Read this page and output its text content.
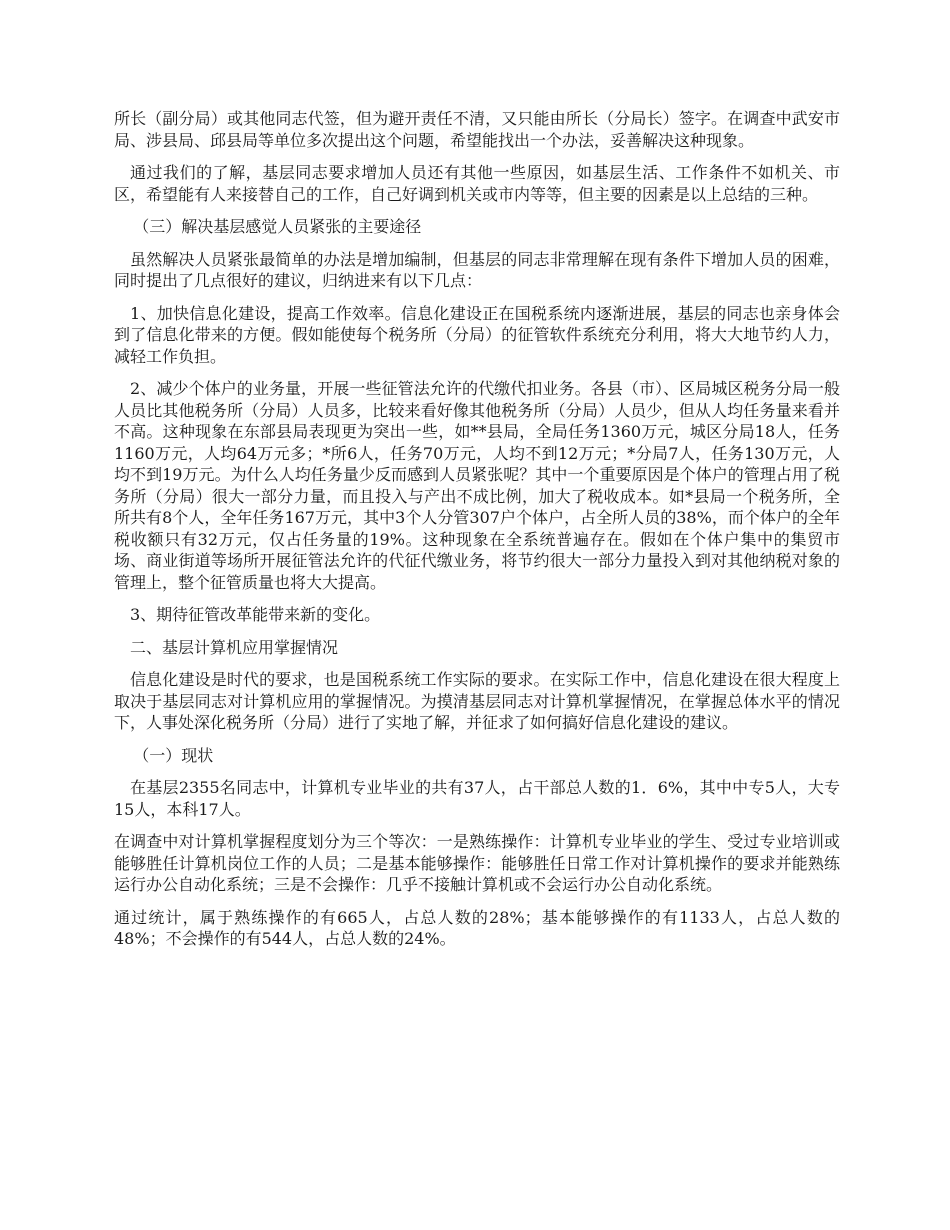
所长（副分局）或其他同志代签，但为避开责任不清，又只能由所长（分局长）签字。在调查中武安市局、涉县局、邱县局等单位多次提出这个问题，希望能找出一个办法，妥善解决这种现象。

通过我们的了解，基层同志要求增加人员还有其他一些原因，如基层生活、工作条件不如机关、市区，希望能有人来接替自己的工作，自己好调到机关或市内等等，但主要的因素是以上总结的三种。

（三）解决基层感觉人员紧张的主要途径

虽然解决人员紧张最简单的办法是增加编制，但基层的同志非常理解在现有条件下增加人员的困难，同时提出了几点很好的建议，归纳进来有以下几点：

1、加快信息化建设，提高工作效率。信息化建设正在国税系统内逐渐进展，基层的同志也亲身体会到了信息化带来的方便。假如能使每个税务所（分局）的征管软件系统充分利用，将大大地节约人力，减轻工作负担。

2、减少个体户的业务量，开展一些征管法允许的代缴代扣业务。各县（市）、区局城区税务分局一般人员比其他税务所（分局）人员多，比较来看好像其他税务所（分局）人员少，但从人均任务量来看并不高。这种现象在东部县局表现更为突出一些，如**县局，全局任务1360万元，城区分局18人，任务1160万元，人均64万元多；*所6人，任务70万元，人均不到12万元；*分局7人，任务130万元，人均不到19万元。为什么人均任务量少反而感到人员紧张呢？其中一个重要原因是个体户的管理占用了税务所（分局）很大一部分力量，而且投入与产出不成比例，加大了税收成本。如*县局一个税务所，全所共有8个人，全年任务167万元，其中3个人分管307户个体户，占全所人员的38%，而个体户的全年税收额只有32万元，仅占任务量的19%。这种现象在全系统普遍存在。假如在个体户集中的集贸市场、商业街道等场所开展征管法允许的代征代缴业务，将节约很大一部分力量投入到对其他纳税对象的管理上，整个征管质量也将大大提高。

3、期待征管改革能带来新的变化。

二、基层计算机应用掌握情况

信息化建设是时代的要求，也是国税系统工作实际的要求。在实际工作中，信息化建设在很大程度上取决于基层同志对计算机应用的掌握情况。为摸清基层同志对计算机掌握情况，在掌握总体水平的情况下，人事处深化税务所（分局）进行了实地了解，并征求了如何搞好信息化建设的建议。

（一）现状

在基层2355名同志中，计算机专业毕业的共有37人，占干部总人数的1．6%，其中中专5人，大专15人，本科17人。

在调查中对计算机掌握程度划分为三个等次：一是熟练操作：计算机专业毕业的学生、受过专业培训或能够胜任计算机岗位工作的人员；二是基本能够操作：能够胜任日常工作对计算机操作的要求并能熟练运行办公自动化系统；三是不会操作：几乎不接触计算机或不会运行办公自动化系统。

通过统计，属于熟练操作的有665人，占总人数的28%；基本能够操作的有1133人，占总人数的48%；不会操作的有544人，占总人数的24%。
